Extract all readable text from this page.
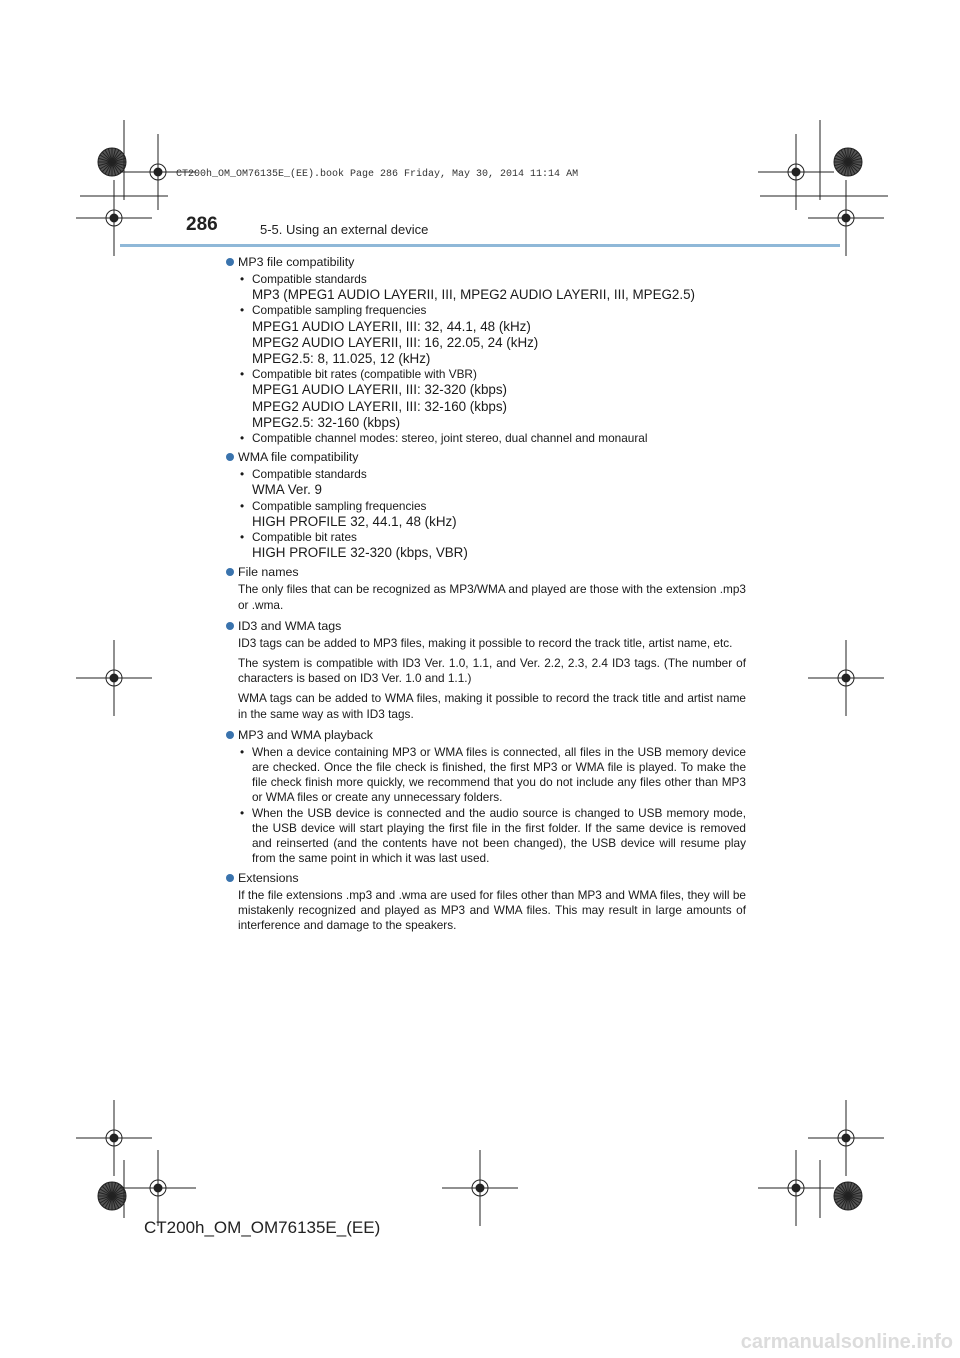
CT200h_OM_OM76135E_(EE).book Page 286 Friday, May 30, 2014 11:14 AM
286	5-5. Using an external device
MP3 file compatibility
• Compatible standards
MP3 (MPEG1 AUDIO LAYERII, III, MPEG2 AUDIO LAYERII, III, MPEG2.5)
• Compatible sampling frequencies
MPEG1 AUDIO LAYERII, III: 32, 44.1, 48 (kHz)
MPEG2 AUDIO LAYERII, III: 16, 22.05, 24 (kHz)
MPEG2.5: 8, 11.025, 12 (kHz)
• Compatible bit rates (compatible with VBR)
MPEG1 AUDIO LAYERII, III: 32-320 (kbps)
MPEG2 AUDIO LAYERII, III: 32-160 (kbps)
MPEG2.5: 32-160 (kbps)
• Compatible channel modes: stereo, joint stereo, dual channel and monaural
WMA file compatibility
• Compatible standards
WMA Ver. 9
• Compatible sampling frequencies
HIGH PROFILE 32, 44.1, 48 (kHz)
• Compatible bit rates
HIGH PROFILE 32-320 (kbps, VBR)
File names

The only files that can be recognized as MP3/WMA and played are those with the extension .mp3 or .wma.

ID3 and WMA tags

ID3 tags can be added to MP3 files, making it possible to record the track title, artist name, etc.

The system is compatible with ID3 Ver. 1.0, 1.1, and Ver. 2.2, 2.3, 2.4 ID3 tags. (The number of characters is based on ID3 Ver. 1.0 and 1.1.)

WMA tags can be added to WMA files, making it possible to record the track title and artist name in the same way as with ID3 tags.

MP3 and WMA playback
• When a device containing MP3 or WMA files is connected, all files in the USB memory device are checked. Once the file check is finished, the first MP3 or WMA file is played. To make the file check finish more quickly, we recommend that you do not include any files other than MP3 or WMA files or create any unnecessary folders.
• When the USB device is connected and the audio source is changed to USB memory mode, the USB device will start playing the first file in the first folder. If the same device is removed and reinserted (and the contents have not been changed), the USB device will resume play from the same point in which it was last used.
Extensions

If the file extensions .mp3 and .wma are used for files other than MP3 and WMA files, they will be mistakenly recognized and played as MP3 and WMA files. This may result in large amounts of interference and damage to the speakers.

CT200h_OM_OM76135E_(EE)
carmanualsonline.info
